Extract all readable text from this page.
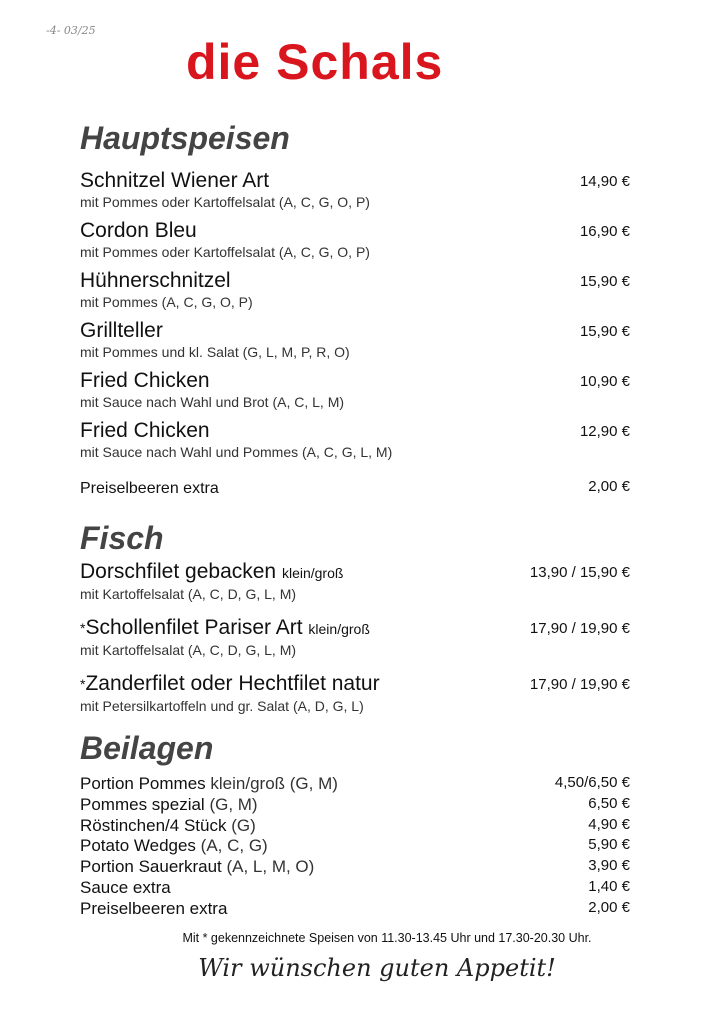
-4- 03/25
die Schals
Hauptspeisen
Schnitzel Wiener Art
mit Pommes oder Kartoffelsalat (A, C, G, O, P)
14,90 €
Cordon Bleu
mit Pommes oder Kartoffelsalat (A, C, G, O, P)
16,90 €
Hühnerschnitzel
mit Pommes (A, C, G, O, P)
15,90 €
Grillteller
mit Pommes und kl. Salat (G, L, M, P, R, O)
15,90 €
Fried Chicken
mit Sauce nach Wahl und Brot (A, C, L, M)
10,90 €
Fried Chicken
mit Sauce nach Wahl und Pommes (A, C, G, L, M)
12,90 €
Preiselbeeren extra	2,00 €
Fisch
Dorschfilet gebacken klein/groß
mit Kartoffelsalat (A, C, D, G, L, M)
13,90 / 15,90 €
*Schollenfilet Pariser Art klein/groß
mit Kartoffelsalat (A, C, D, G, L, M)
17,90 / 19,90 €
*Zanderfilet oder Hechtfilet natur
mit Petersilkartoffeln und gr. Salat (A, D, G, L)
17,90 / 19,90 €
Beilagen
Portion Pommes klein/groß (G, M)	4,50/6,50 €
Pommes spezial (G, M)	6,50 €
Röstinchen/4 Stück (G)	4,90 €
Potato Wedges (A, C, G)	5,90 €
Portion Sauerkraut (A, L, M, O)	3,90 €
Sauce extra	1,40 €
Preiselbeeren extra	2,00 €
Mit * gekennzeichnete Speisen von 11.30-13.45 Uhr und 17.30-20.30 Uhr.
Wir wünschen guten Appetit!
